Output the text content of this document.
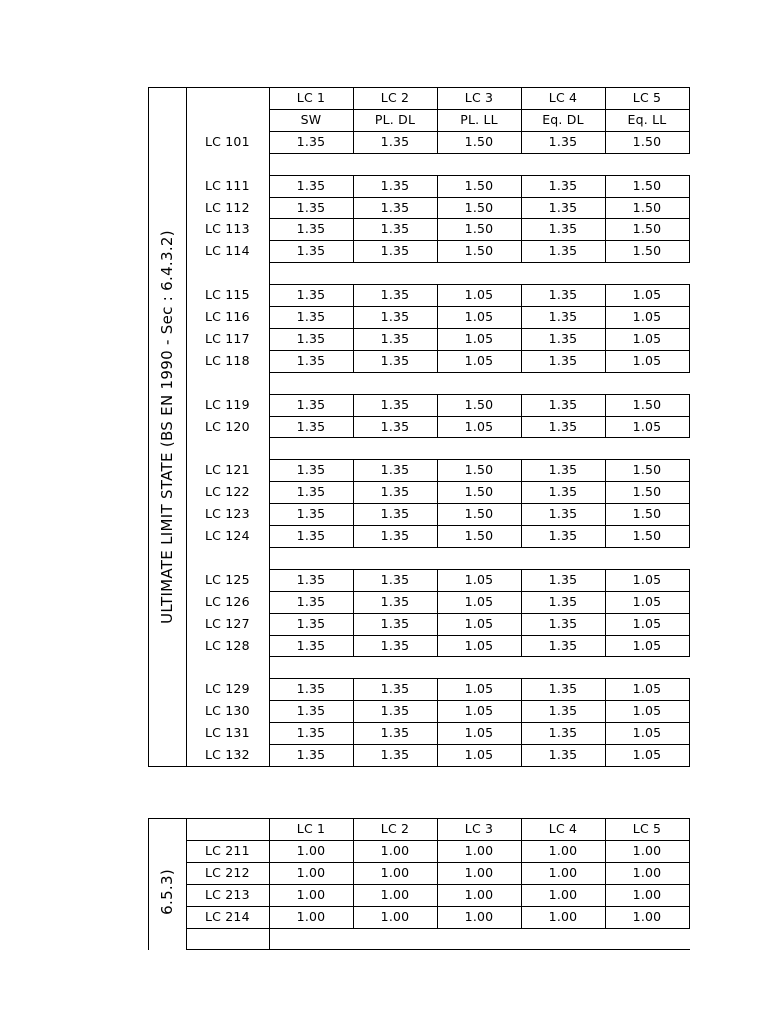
LC 1	LC 2	LC 3	LC 4	LC 5
SW	PL. DL	PL. LL	Eq. DL	Eq. LL
LC 101	1.35	1.35	1.50	1.35	1.50
LC 111	1.35	1.35	1.50	1.35	1.50
LC 112	1.35	1.35	1.50	1.35	1.50
LC 113	1.35	1.35	1.50	1.35	1.50
LC 114	1.35	1.35	1.50	1.35	1.50
LC 115	1.35	1.35	1.05	1.35	1.05
LC 116	1.35	1.35	1.05	1.35	1.05
LC 117	1.35	1.35	1.05	1.35	1.05
LC 118	1.35	1.35	1.05	1.35	1.05
LC 119	1.35	1.35	1.50	1.35	1.50
LC 120	1.35	1.35	1.05	1.35	1.05
LC 121	1.35	1.35	1.50	1.35	1.50
LC 122	1.35	1.35	1.50	1.35	1.50
LC 123	1.35	1.35	1.50	1.35	1.50
LC 124	1.35	1.35	1.50	1.35	1.50
LC 125	1.35	1.35	1.05	1.35	1.05
LC 126	1.35	1.35	1.05	1.35	1.05
LC 127	1.35	1.35	1.05	1.35	1.05
LC 128	1.35	1.35	1.05	1.35	1.05
LC 129	1.35	1.35	1.05	1.35	1.05
LC 130	1.35	1.35	1.05	1.35	1.05
LC 131	1.35	1.35	1.05	1.35	1.05
LC 132	1.35	1.35	1.05	1.35	1.05
ULTIMATE LIMIT STATE (BS EN 1990 - Sec : 6.4.3.2)
LC 1	LC 2	LC 3	LC 4	LC 5
LC 211	1.00	1.00	1.00	1.00	1.00
LC 212	1.00	1.00	1.00	1.00	1.00
LC 213	1.00	1.00	1.00	1.00	1.00
LC 214	1.00	1.00	1.00	1.00	1.00
6.5.3)
